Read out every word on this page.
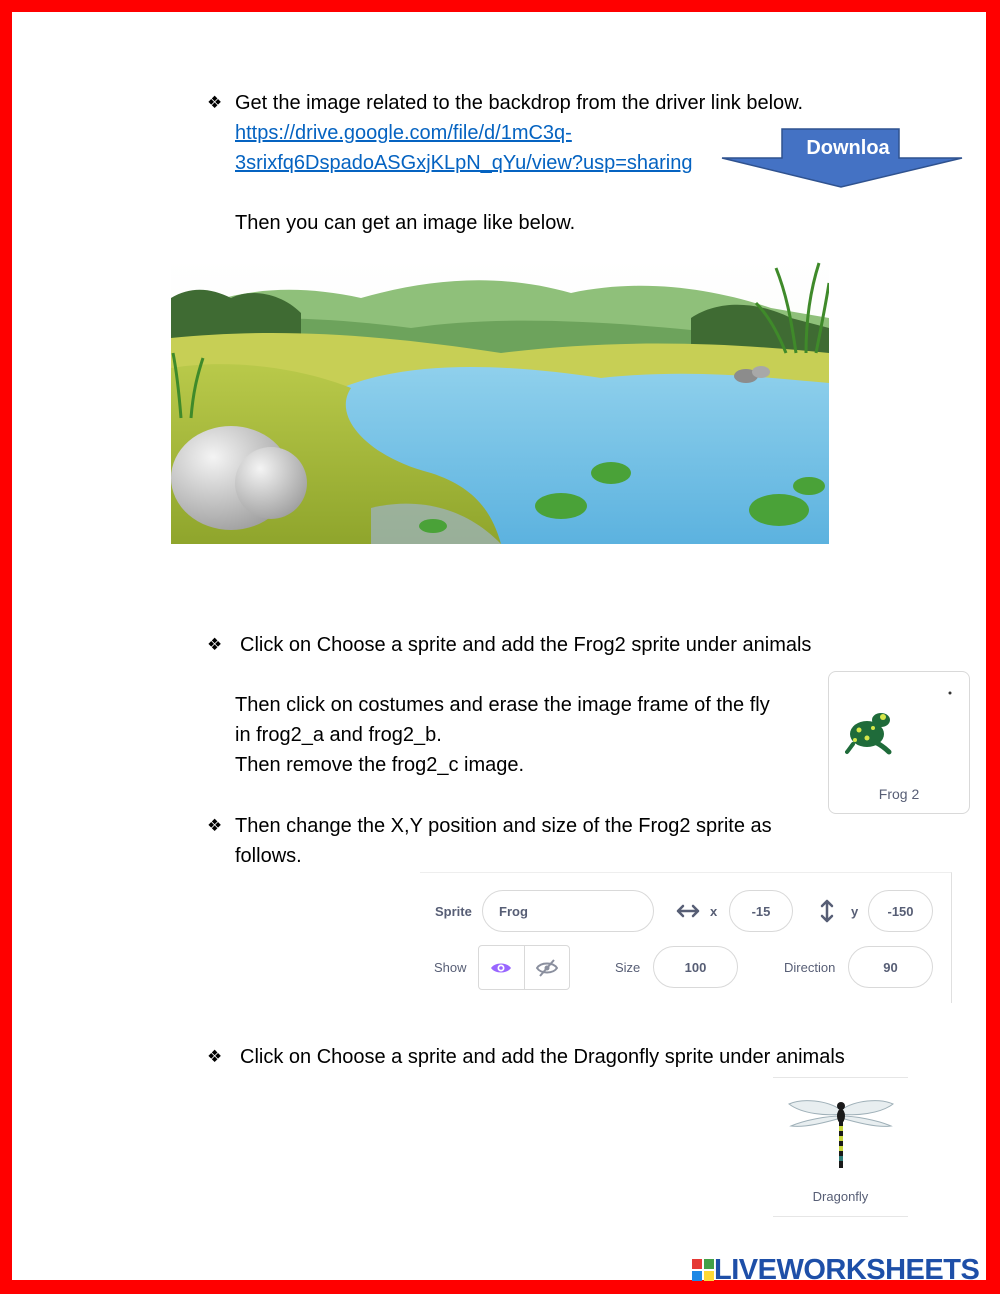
❖ Get the image related to the backdrop from the driver link below.
https://drive.google.com/file/d/1mC3q-
3srixfq6DspadoASGxjKLpN_qYu/view?usp=sharing
Downloa
Then you can get an image like below.
❖ Click on Choose a sprite and add the Frog2 sprite under animals
Then click on costumes and erase the image frame of the fly
in frog2_a and frog2_b.
Then remove the frog2_c image.
Frog 2
❖ Then change the X,Y position and size of the Frog2 sprite as
follows.
Sprite	Frog	x	-15	y	-150
Show	Size	100	Direction	90
❖ Click on Choose a sprite and add the Dragonfly sprite under animals
Dragonfly
LIVEWORKSHEETS
